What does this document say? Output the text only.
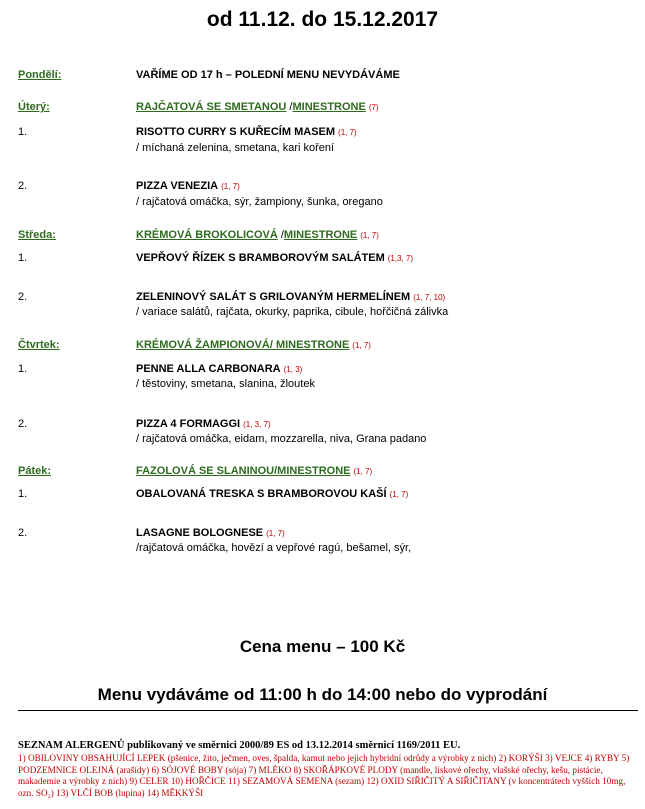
od 11.12. do 15.12.2017
Pondělí:	VAŘÍME OD 17 h – POLEDNÍ MENU NEVYDÁVÁME
Úterý:	RAJČATOVÁ SE SMETANOU /MINESTRONE (7)
1.	RISOTTO CURRY S KUŘECÍM MASEM (1, 7)
/ míchaná zelenina, smetana, kari koření
2.	PIZZA VENEZIA (1, 7)
/ rajčatová omáčka, sýr, žampiony, šunka, oregano
Středa:	KRÉMOVÁ BROKOLICOVÁ /MINESTRONE (1, 7)
1.	VEPŘOVÝ ŘÍZEK S BRAMBOROVÝM SALÁTEM (1,3, 7)
2.	ZELENINOVÝ SALÁT S GRILOVANÝM HERMELÍNEM (1, 7, 10)
/ variace salátů, rajčata, okurky, paprika, cibule, hořčičná zálivka
Čtvrtek:	KRÉMOVÁ ŽAMPIONOVÁ/ MINESTRONE (1, 7)
1.	PENNE ALLA CARBONARA (1, 3)
/ těstoviny, smetana, slanina, žloutek
2.	PIZZA 4 FORMAGGI (1, 3, 7)
/ rajčatová omáčka, eidam, mozzarella, niva, Grana padano
Pátek:	FAZOLOVÁ SE SLANINOU/MINESTRONE (1, 7)
1.	OBALOVANÁ TRESKA S BRAMBOROVOU KAŠÍ (1, 7)
2.	LASAGNE BOLOGNESE (1, 7)
/rajčatová omáčka, hovězí a vepřové ragú, bešamel, sýr,
Cena menu – 100 Kč
Menu vydáváme od 11:00 h do 14:00 nebo do vyprodání
SEZNAM ALERGENŮ publikovaný ve směrnici 2000/89 ES od 13.12.2014 směrnicí 1169/2011 EU.
1) OBILOVINY OBSAHUJÍCÍ LEPEK (pšenice, žito, ječmen, oves, špalda, kamut nebo jejich hybridní odrůdy a výrobky z nich) 2) KORÝŠI 3) VEJCE 4) RYBY 5) PODZEMNICE OLEJNÁ (arašídy) 6) SÓJOVÉ BOBY (sója) 7) MLÉKO 8) SKOŘÁPKOVÉ PLODY (mandle, lískové ořechy, vlašské ořechy, kešu, pistácie, makademie a výrobky z nich) 9) CELER 10) HOŘČICE 11) SEZAMOVÁ SEMENA (sezam) 12) OXID SIŘIČITÝ A SIŘIČITANY (v koncentrátech vyšších 10mg, ozn. SO₂) 13) VLČÍ BOB (lupina) 14) MĚKKÝŠI
